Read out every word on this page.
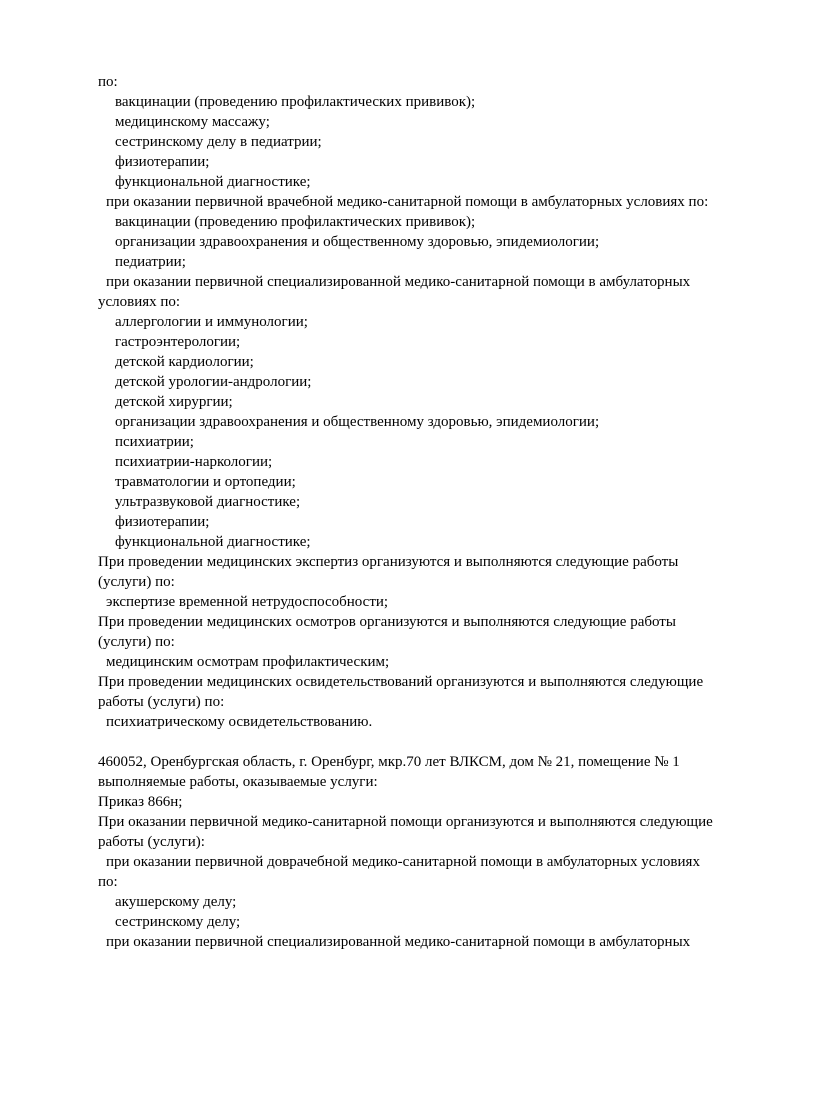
по:

вакцинации (проведению профилактических прививок);

медицинскому массажу;

сестринскому делу в педиатрии;

физиотерапии;

функциональной диагностике;

при оказании первичной врачебной медико-санитарной помощи в амбулаторных условиях по:

вакцинации (проведению профилактических прививок);

организации здравоохранения и общественному здоровью, эпидемиологии;

педиатрии;

при оказании первичной специализированной медико-санитарной помощи в амбулаторных

условиях по:

аллергологии и иммунологии;

гастроэнтерологии;

детской кардиологии;

детской урологии-андрологии;

детской хирургии;

организации здравоохранения и общественному здоровью, эпидемиологии;

психиатрии;

психиатрии-наркологии;

травматологии и ортопедии;

ультразвуковой диагностике;

физиотерапии;

функциональной диагностике;

При проведении медицинских экспертиз организуются и выполняются следующие работы

(услуги) по:

экспертизе временной нетрудоспособности;

При проведении медицинских осмотров организуются и выполняются следующие работы

(услуги) по:

медицинским осмотрам профилактическим;

При проведении медицинских освидетельствований организуются и выполняются следующие

работы (услуги) по:

психиатрическому освидетельствованию.

460052, Оренбургская область, г. Оренбург, мкр.70 лет ВЛКСМ, дом № 21, помещение № 1

выполняемые работы, оказываемые услуги:

Приказ 866н;

При оказании первичной медико-санитарной помощи организуются и выполняются следующие

работы (услуги):

при оказании первичной доврачебной медико-санитарной помощи в амбулаторных условиях

по:

акушерскому делу;

сестринскому делу;

при оказании первичной специализированной медико-санитарной помощи в амбулаторных
